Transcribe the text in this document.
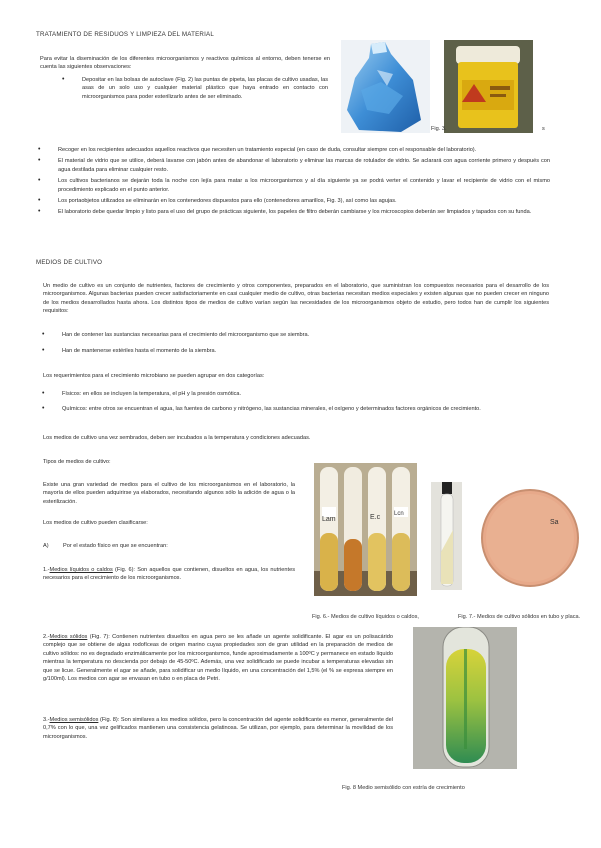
TRATAMIENTO DE RESIDUOS Y LIMPIEZA DEL MATERIAL
Para evitar la diseminación de los diferentes microorganismos y reactivos químicos al entorno, deben tenerse en cuenta las siguientes observaciones:
• Depositar en las bolsas de autoclave (Fig. 2) las puntas de pipeta, las placas de cultivo usadas, las asas de un solo uso y cualquier material plástico que haya entrado en contacto con microorganismos para poder esterilizarlo antes de ser eliminado.
Fig. 3.	s
• Recoger en los recipientes adecuados aquellos reactivos que necesiten un tratamiento especial (en caso de duda, consultar siempre con el responsable del laboratorio).
• El material de vidrio que se utilice, deberá lavarse con jabón antes de abandonar el laboratorio y eliminar las marcas de rotulador de vidrio. Se aclarará con agua corriente primero y después con agua destilada para eliminar cualquier resto.
• Los cultivos bacterianos se dejarán toda la noche con lejía para matar a los microorganismos y al día siguiente ya se podrá verter el contenido y lavar el recipiente de vidrio con el mismo procedimiento explicado en el punto anterior.
• Los portaobjetos utilizados se eliminarán en los contenedores dispuestos para ello (contenedores amarillos, Fig. 3), así como las agujas.
• El laboratorio debe quedar limpio y listo para el uso del grupo de prácticas siguiente, los papeles de filtro deberán cambiarse y los microscopios deberán ser limpiados y tapados con su funda.
MEDIOS DE CULTIVO
Un medio de cultivo es un conjunto de nutrientes, factores de crecimiento y otros componentes, preparados en el laboratorio, que suministran los compuestos necesarios para el desarrollo de los microorganismos. Algunas bacterias pueden crecer satisfactoriamente en casi cualquier medio de cultivo, otras bacterias necesitan medios especiales y existen algunas que no pueden crecer en ninguno de los medios desarrollados hasta ahora. Los distintos tipos de medios de cultivo varían según las necesidades de los microorganismos objeto de estudio, pero todos han de cumplir los siguientes requisitos:
• Han de contener las sustancias necesarias para el crecimiento del microorganismo que se siembra.
• Han de mantenerse estériles hasta el momento de la siembra.
Los requerimientos para el crecimiento microbiano se pueden agrupar en dos categorías:
• Físicos: en ellos se incluyen la temperatura, el pH y la presión osmótica.
• Químicos: entre otros se encuentran el agua, las fuentes de carbono y nitrógeno, las sustancias minerales, el oxígeno y determinados factores orgánicos de crecimiento.
Los medios de cultivo una vez sembrados, deben ser incubados a la temperatura y condiciones adecuadas.
Tipos de medios de cultivo:
Existe una gran variedad de medios para el cultivo de los microorganismos en el laboratorio, la mayoría de ellos pueden adquirirse ya elaborados, necesitando algunos sólo la adición de agua o la esterilización.
Los medios de cultivo pueden clasificarse:
A)	Por el estado físico en que se encuentran:
1.-Medios líquidos o caldos (Fig. 6): Son aquellos que contienen, disueltos en agua, los nutrientes necesarios para el crecimiento de los microorganismos.
Lam	E.c Lcn
Sa
Fig. 6.- Medios de cultivo líquidos o caldos,	Fig. 7.- Medios de cultivo sólidos en tubo y placa.
2.-Medios sólidos (Fig. 7): Contienen nutrientes disueltos en agua pero se les añade un agente solidificante. El agar es un polisacárido complejo que se obtiene de algas rodofíceas de origen marino cuyas propiedades son de gran utilidad en la preparación de medios de cultivo sólidos: no es degradado enzimáticamente por los microorganismos, funde aproximadamente a 100ºC y permanece en estado líquido mientras la temperatura no descienda por debajo de 45-50ºC. Además, una vez solidificado se puede incubar a temperaturas elevadas sin que se licue. Generalmente el agar se añade, para solidificar un medio líquido, en una concentración del 1,5% (el % se expresa siempre en g/100ml). Los medios con agar se envasan en tubo o en placa de Petri.
3.-Medios semisólidos (Fig. 8): Son similares a los medios sólidos, pero la concentración del agente solidificante es menor, generalmente del 0,7% con lo que, una vez gelificados mantienen una consistencia gelatinosa. Se utilizan, por ejemplo, para determinar la movilidad de los microorganismos.
Fig. 8 Medio semisólido con estría de crecimiento
